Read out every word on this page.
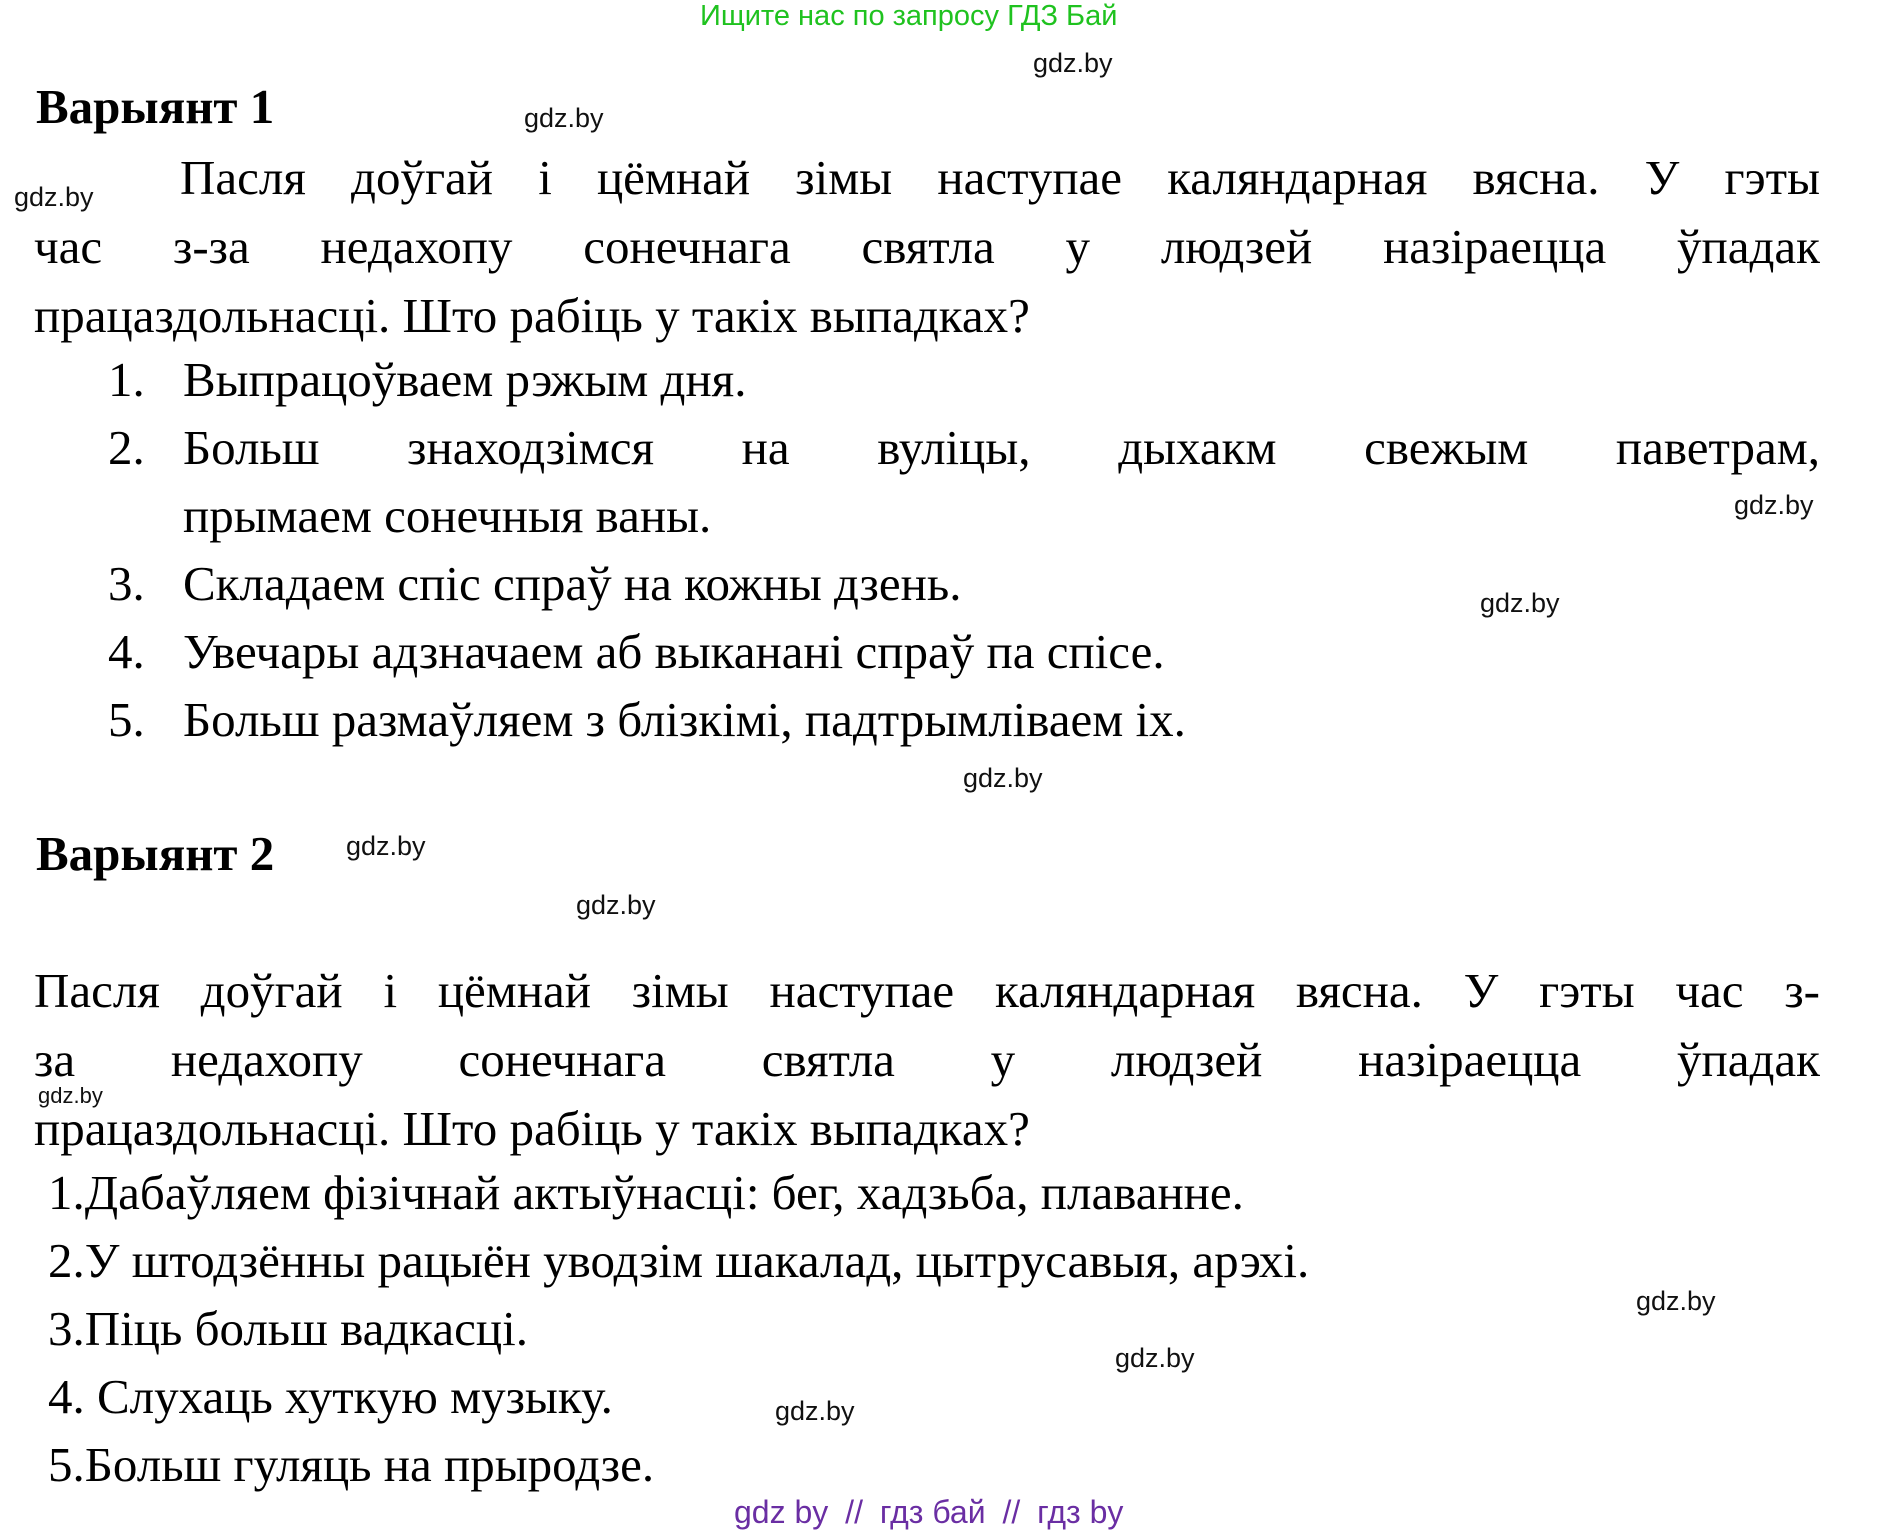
Ищите нас по запросу ГДЗ Бай
gdz.by
gdz.by
gdz.by
gdz.by
gdz.by
gdz.by
gdz.by
gdz.by
gdz.by
gdz.by
gdz.by
gdz.by
Варыянт 1
Пасля доўгай і цёмнай зімы наступае каляндарная вясна. У гэты
час з-за недахопу сонечнага святла у людзей назіраецца ўпадак
працаздольнасці. Што рабіць у такіх выпадках?
1. Выпрацоўваем рэжым дня.
2. Больш знаходзімся на вуліцы, дыхакм свежым паветрам,
прымаем сонечныя ваны.
3. Складаем спіс спраў на кожны дзень.
4. Увечары адзначаем аб выканані спраў па спісе.
5. Больш размаўляем з блізкімі, падтрымліваем іх.
Варыянт 2
Пасля доўгай і цёмнай зімы наступае каляндарная вясна. У гэты час з-
за недахопу сонечнага святла у людзей назіраецца ўпадак
працаздольнасці. Што рабіць у такіх выпадках?
1.Дабаўляем фізічнай актыўнасці: бег, хадзьба, плаванне.
2.У штодзённы рацыён уводзім шакалад, цытрусавыя, арэхі.
3.Піць больш вадкасці.
4. Слухаць хуткую музыку.
5.Больш гуляць на прыродзе.
gdz by // гдз бай // гдз by
